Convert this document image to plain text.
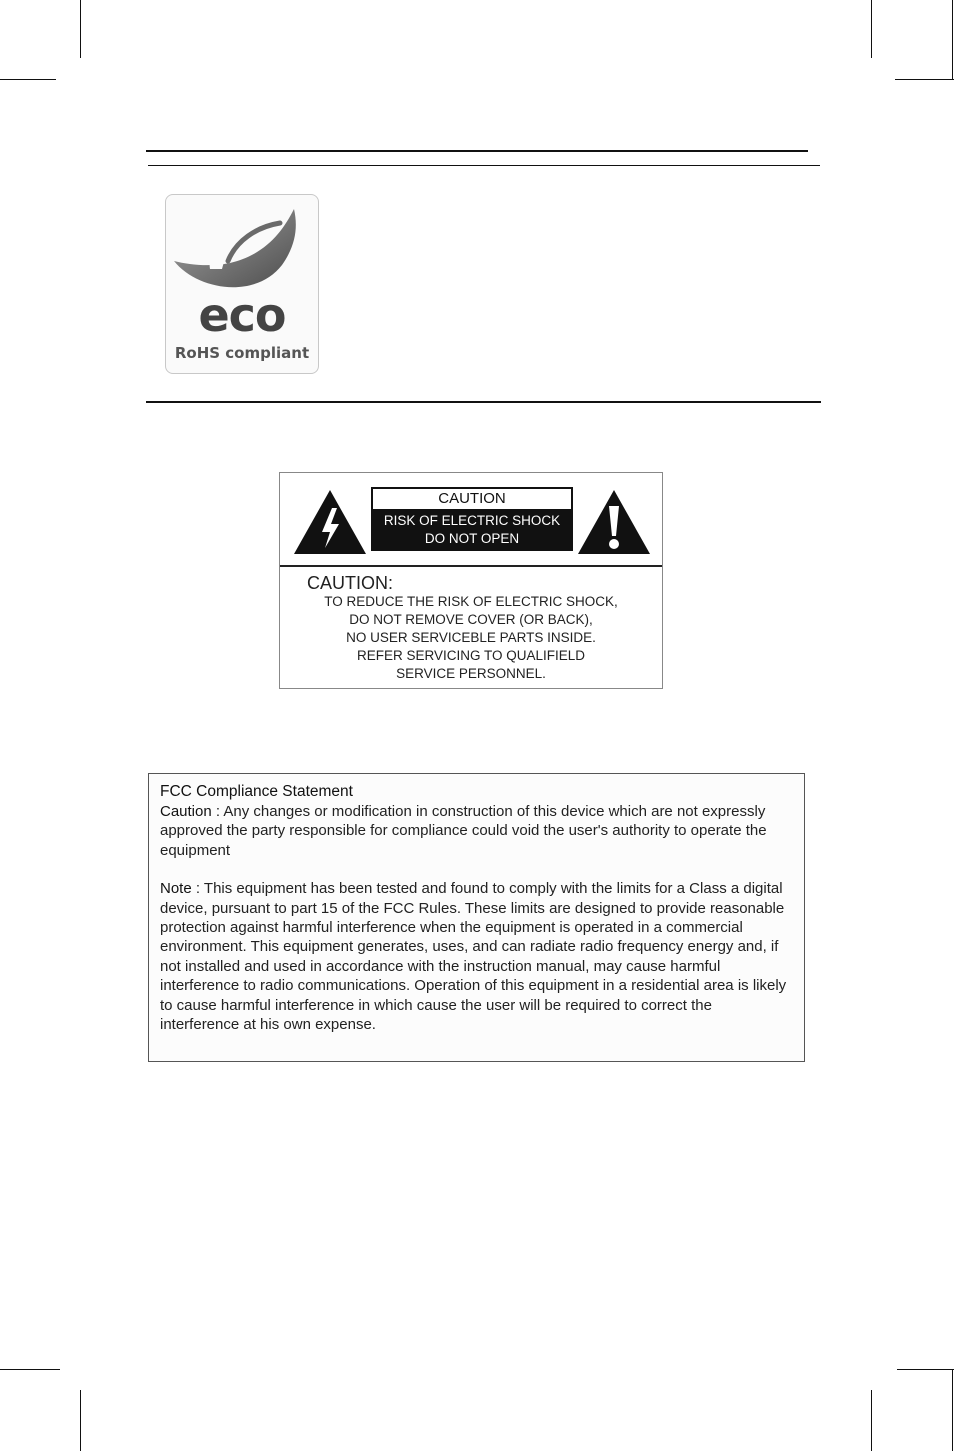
eco
RoHS compliant
CAUTION
RISK OF ELECTRIC SHOCK
DO NOT OPEN
CAUTION:
TO REDUCE THE RISK OF ELECTRIC SHOCK,
DO NOT REMOVE COVER (OR BACK),
NO USER SERVICEBLE PARTS INSIDE.
REFER SERVICING TO QUALIFIELD
SERVICE PERSONNEL.
FCC Compliance Statement
Caution : Any changes or modification in construction of this device which are not expressly approved the party responsible for compliance could void the user's authority to operate the equipment
Note : This equipment has been tested and found to comply with the limits for a Class a digital device, pursuant to part 15 of the FCC Rules. These limits are designed to provide reasonable protection against harmful interference when the equipment is operated in a commercial environment. This equipment generates, uses, and can radiate radio frequency energy and, if not installed and used in accordance with the instruction manual, may cause harmful interference to radio communications. Operation of this equipment in a residential area is likely to cause harmful interference in which cause the user will be required to correct the interference at his own expense.
